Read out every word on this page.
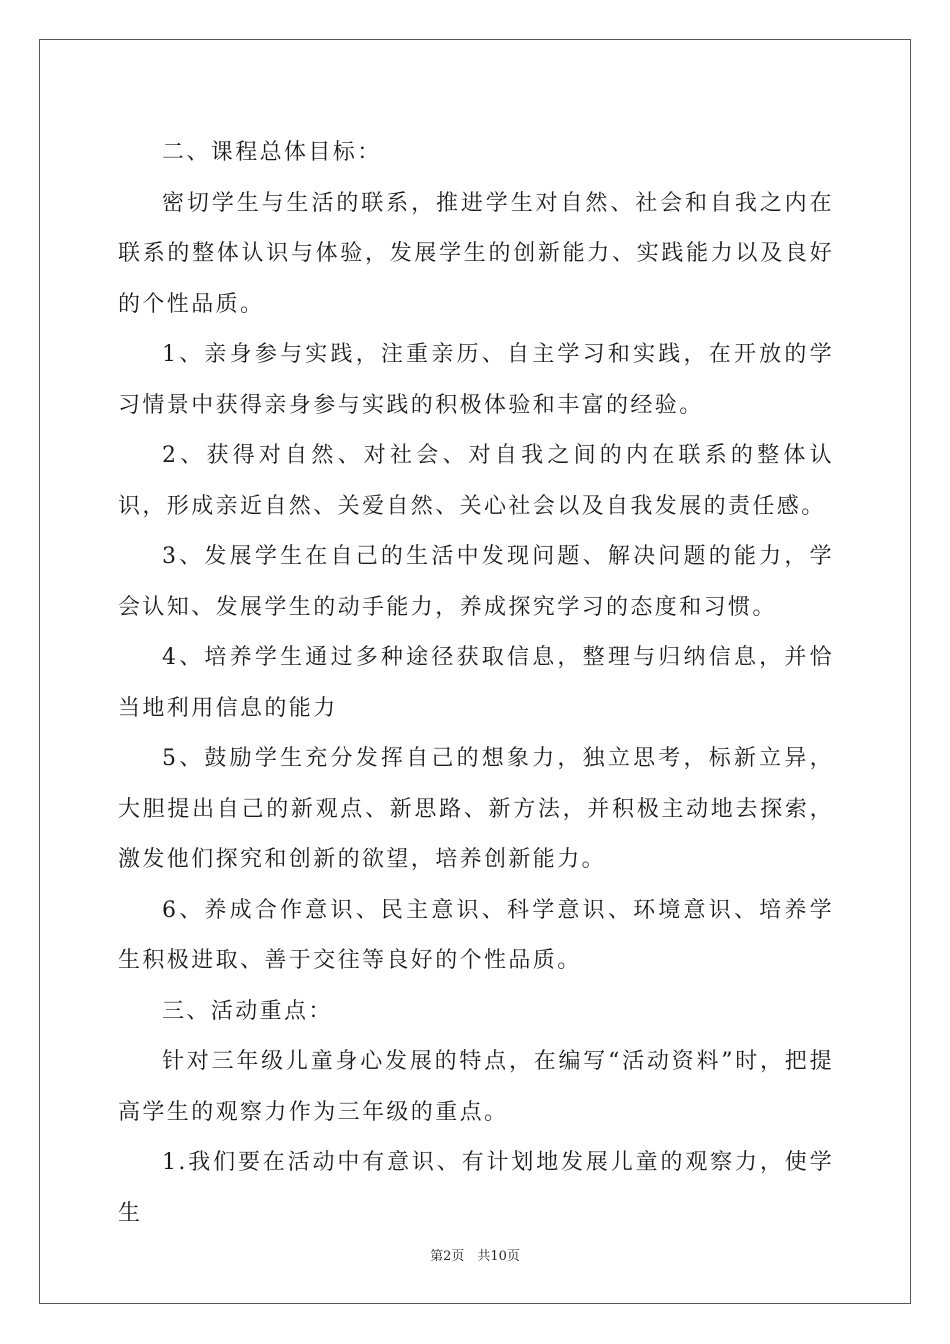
二、课程总体目标：

密切学生与生活的联系，推进学生对自然、社会和自我之内在联系的整体认识与体验，发展学生的创新能力、实践能力以及良好的个性品质。

1、亲身参与实践，注重亲历、自主学习和实践，在开放的学习情景中获得亲身参与实践的积极体验和丰富的经验。

2、获得对自然、对社会、对自我之间的内在联系的整体认识，形成亲近自然、关爱自然、关心社会以及自我发展的责任感。

3、发展学生在自己的生活中发现问题、解决问题的能力，学会认知、发展学生的动手能力，养成探究学习的态度和习惯。

4、培养学生通过多种途径获取信息，整理与归纳信息，并恰当地利用信息的能力

5、鼓励学生充分发挥自己的想象力，独立思考，标新立异，大胆提出自己的新观点、新思路、新方法，并积极主动地去探索，激发他们探究和创新的欲望，培养创新能力。

6、养成合作意识、民主意识、科学意识、环境意识、培养学生积极进取、善于交往等良好的个性品质。

三、活动重点：

针对三年级儿童身心发展的特点，在编写“活动资料”时，把提高学生的观察力作为三年级的重点。

1.我们要在活动中有意识、有计划地发展儿童的观察力，使学生

第2页　共10页
